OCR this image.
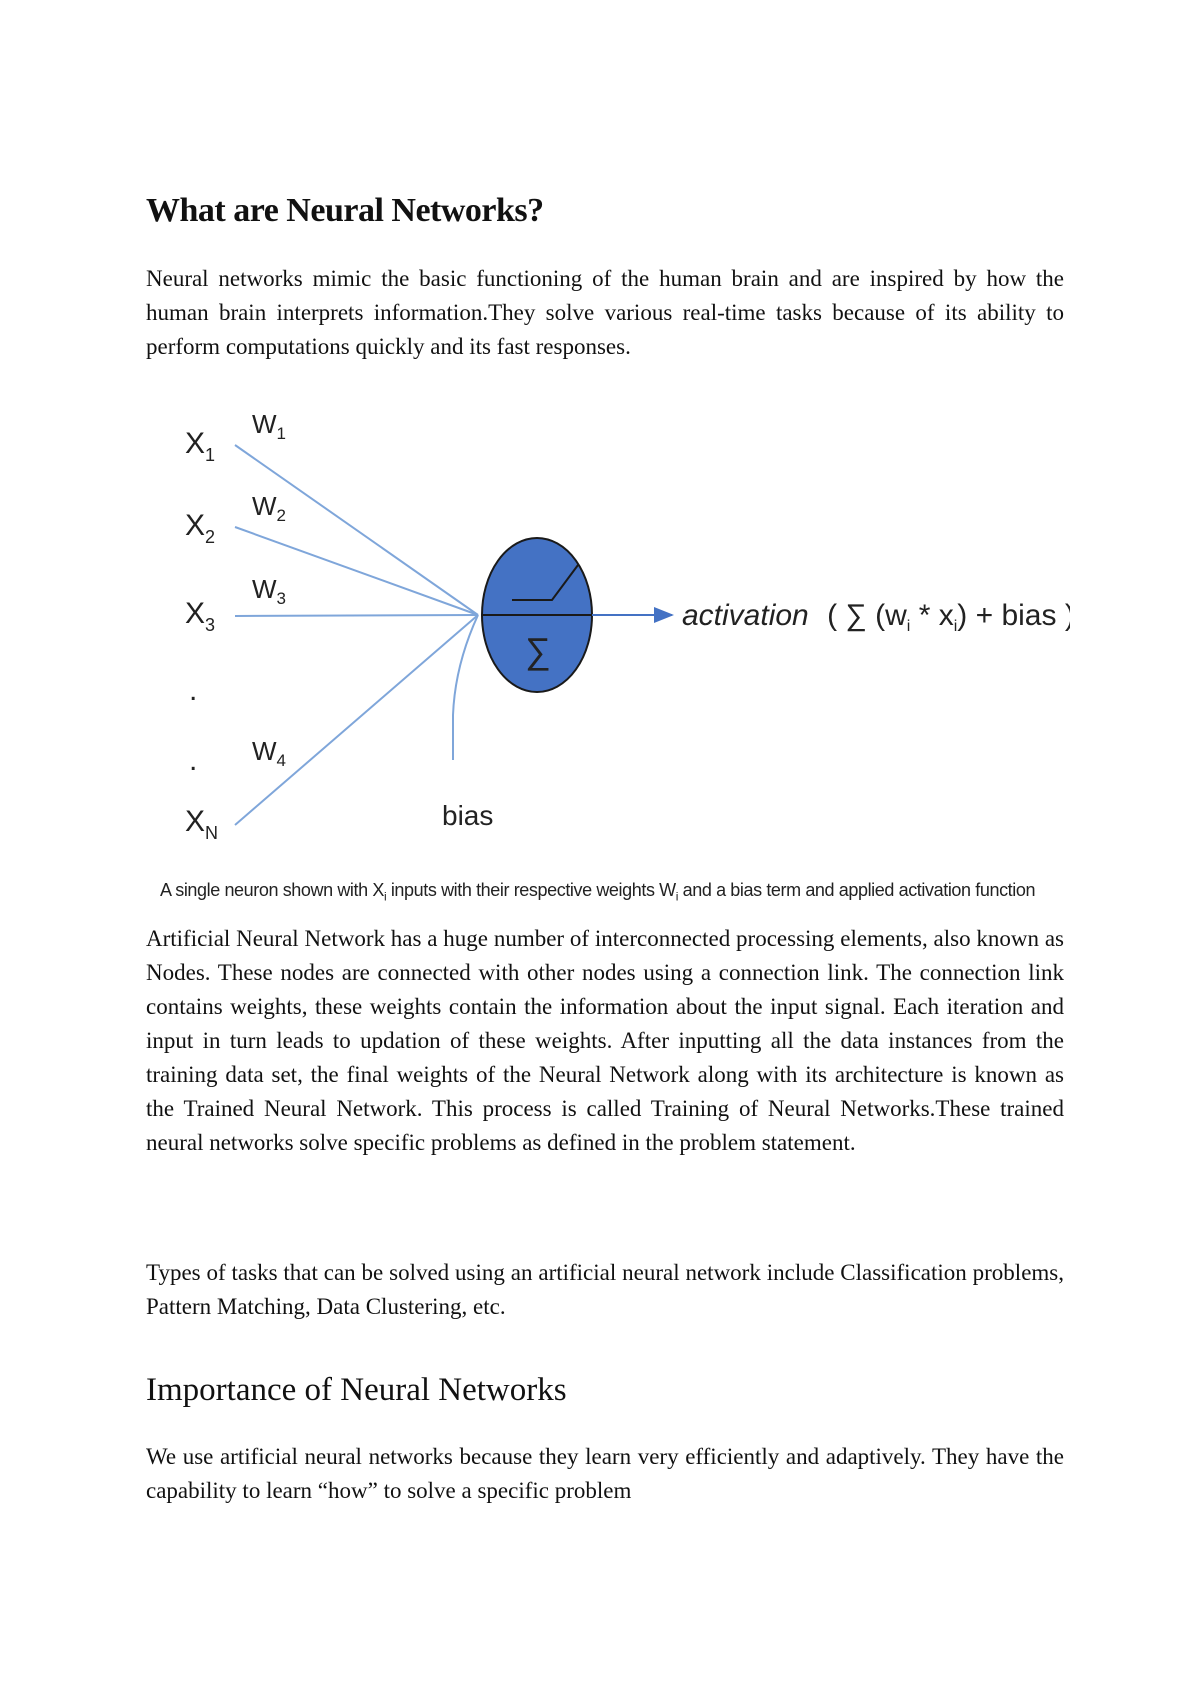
What are Neural Networks?

Neural networks mimic the basic functioning of the human brain and are inspired by how the human brain interprets information.They solve various real-time tasks because of its ability to perform computations quickly and its fast responses.

∑
activation ( ∑ $(w_i * x_i)$ + bias )
$X_1$
$X_2$
$X_3$
.
.
$X_N$
$W_1$
$W_2$
$W_3$
$W_4$
bias
A single neuron shown with $X_i$ inputs with their respective weights $W_i$ and a bias term and applied activation function

Artificial Neural Network has a huge number of interconnected processing elements, also known as Nodes. These nodes are connected with other nodes using a connection link. The connection link contains weights, these weights contain the information about the input signal. Each iteration and input in turn leads to updation of these weights. After inputting all the data instances from the training data set, the final weights of the Neural Network along with its architecture is known as the Trained Neural Network. This process is called Training of Neural Networks.These trained neural networks solve specific problems as defined in the problem statement.

Types of tasks that can be solved using an artificial neural network include Classification problems, Pattern Matching, Data Clustering, etc.

Importance of Neural Networks

We use artificial neural networks because they learn very efficiently and adaptively. They have the capability to learn “how” to solve a specific problem
